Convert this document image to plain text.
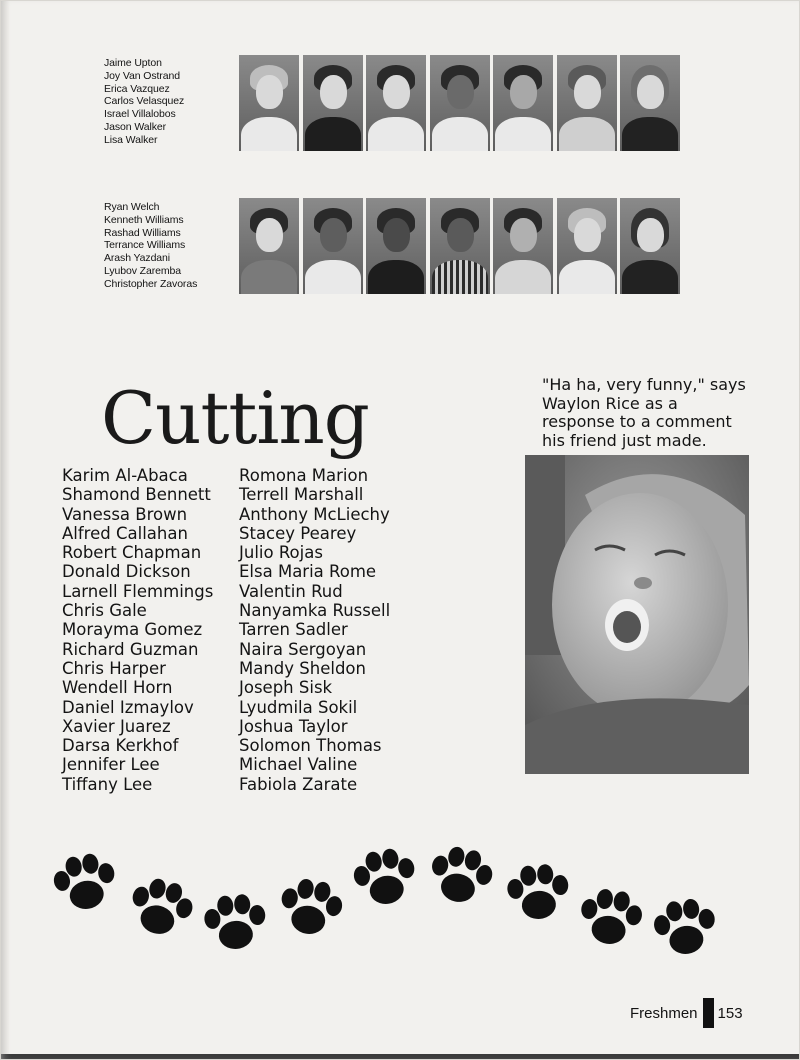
Jaime Upton
Joy Van Ostrand
Erica Vazquez
Carlos Velasquez
Israel Villalobos
Jason Walker
Lisa Walker
Ryan Welch
Kenneth Williams
Rashad Williams
Terrance Williams
Arash Yazdani
Lyubov Zaremba
Christopher Zavoras
Cutting
Karim Al-Abaca
Shamond Bennett
Vanessa Brown
Alfred Callahan
Robert Chapman
Donald Dickson
Larnell Flemmings
Chris Gale
Morayma Gomez
Richard Guzman
Chris Harper
Wendell Horn
Daniel Izmaylov
Xavier Juarez
Darsa Kerkhof
Jennifer Lee
Tiffany Lee
Romona Marion
Terrell Marshall
Anthony McLiechy
Stacey Pearey
Julio Rojas
Elsa Maria Rome
Valentin Rud
Nanyamka Russell
Tarren Sadler
Naira Sergoyan
Mandy Sheldon
Joseph Sisk
Lyudmila Sokil
Joshua Taylor
Solomon Thomas
Michael Valine
Fabiola Zarate

"Ha ha, very funny," says Waylon Rice as a response to a comment his friend just made.

Freshmen 153
